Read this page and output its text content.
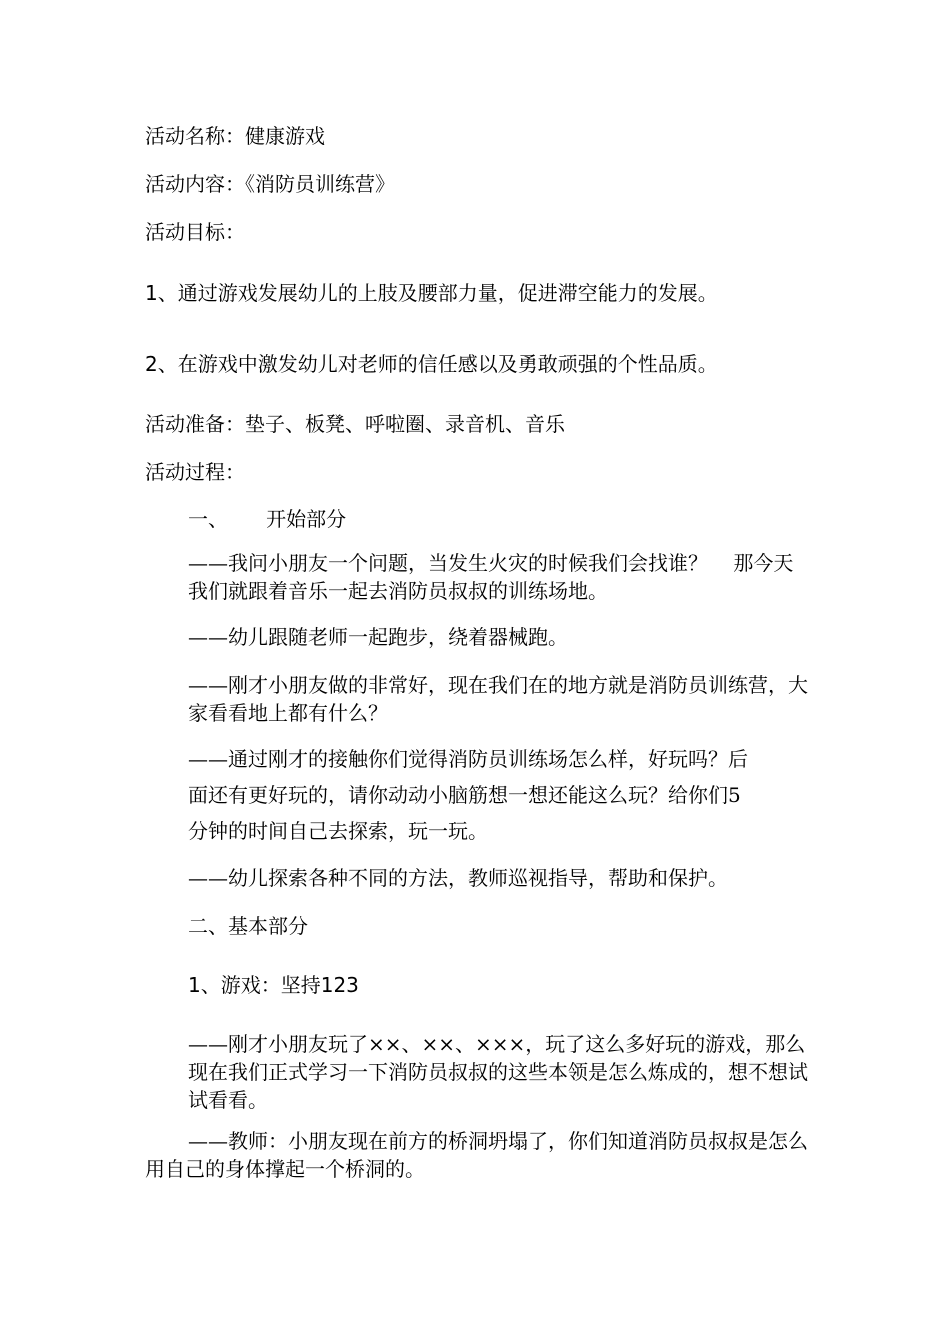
活动名称：健康游戏

活动内容：《消防员训练营》

活动目标：

1、通过游戏发展幼儿的上肢及腰部力量，促进滞空能力的发展。

2、在游戏中激发幼儿对老师的信任感以及勇敢顽强的个性品质。

活动准备：垫子、板凳、呼啦圈、录音机、音乐

活动过程：

一、      开始部分

——我问小朋友一个问题，当发生火灾的时候我们会找谁？    那今天我们就跟着音乐一起去消防员叔叔的训练场地。

——幼儿跟随老师一起跑步，绕着器械跑。

——刚才小朋友做的非常好，现在我们在的地方就是消防员训练营，大家看看地上都有什么？

——通过刚才的接触你们觉得消防员训练场怎么样，好玩吗？后

面还有更好玩的，请你动动小脑筋想一想还能这么玩？给你们5

分钟的时间自己去探索，玩一玩。

——幼儿探索各种不同的方法，教师巡视指导，帮助和保护。

二、基本部分

1、游戏：坚持123

——刚才小朋友玩了××、××、×××，玩了这么多好玩的游戏，那么现在我们正式学习一下消防员叔叔的这些本领是怎么炼成的，想不想试试看看。

——教师：小朋友现在前方的桥洞坍塌了，你们知道消防员叔叔是怎么用自己的身体撑起一个桥洞的。
